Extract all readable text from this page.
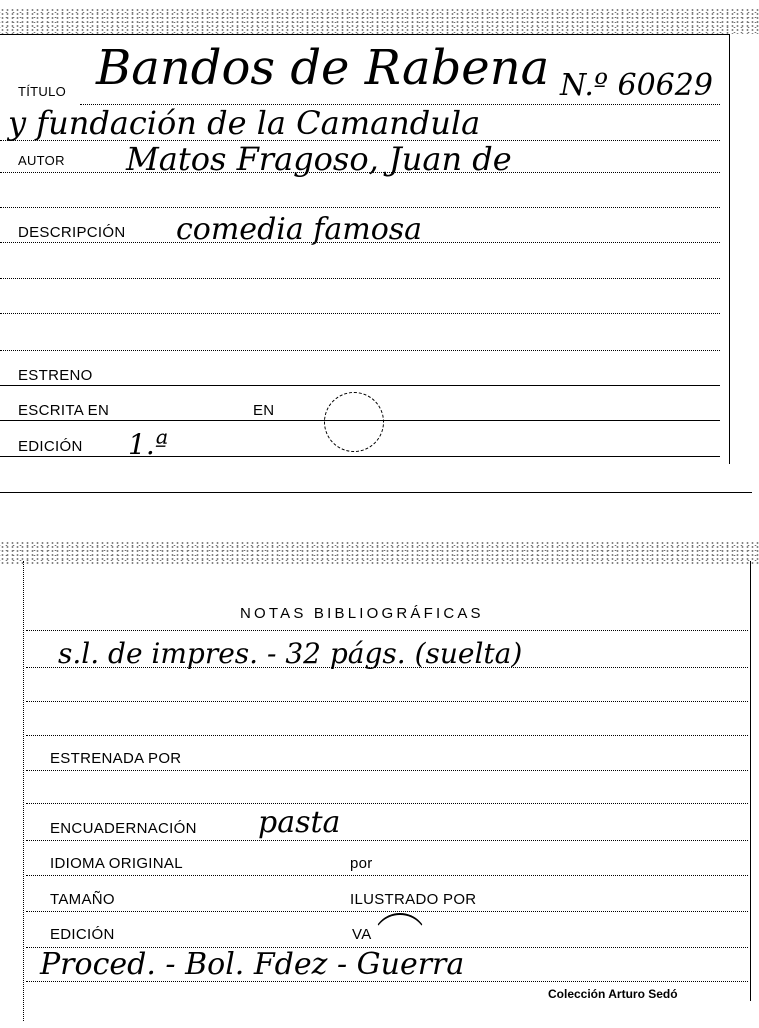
TÍTULO Bandos de Rabena N.º 60629
y fundación de la Camandula
AUTOR Matos Fragoso, Juan de
DESCRIPCIÓN comedia famosa
ESTRENO
ESCRITA EN	EN
EDICIÓN 1.ª
NOTAS BIBLIOGRÁFICAS
s.l. de impres. - 32 págs. (suelta)
ESTRENADA POR
ENCUADERNACIÓN pasta
IDIOMA ORIGINAL	por
TAMAÑO	ILUSTRADO POR
EDICIÓN	VA
Proced. - Bol. Fdez - Guerra
Colección Arturo Sedó
